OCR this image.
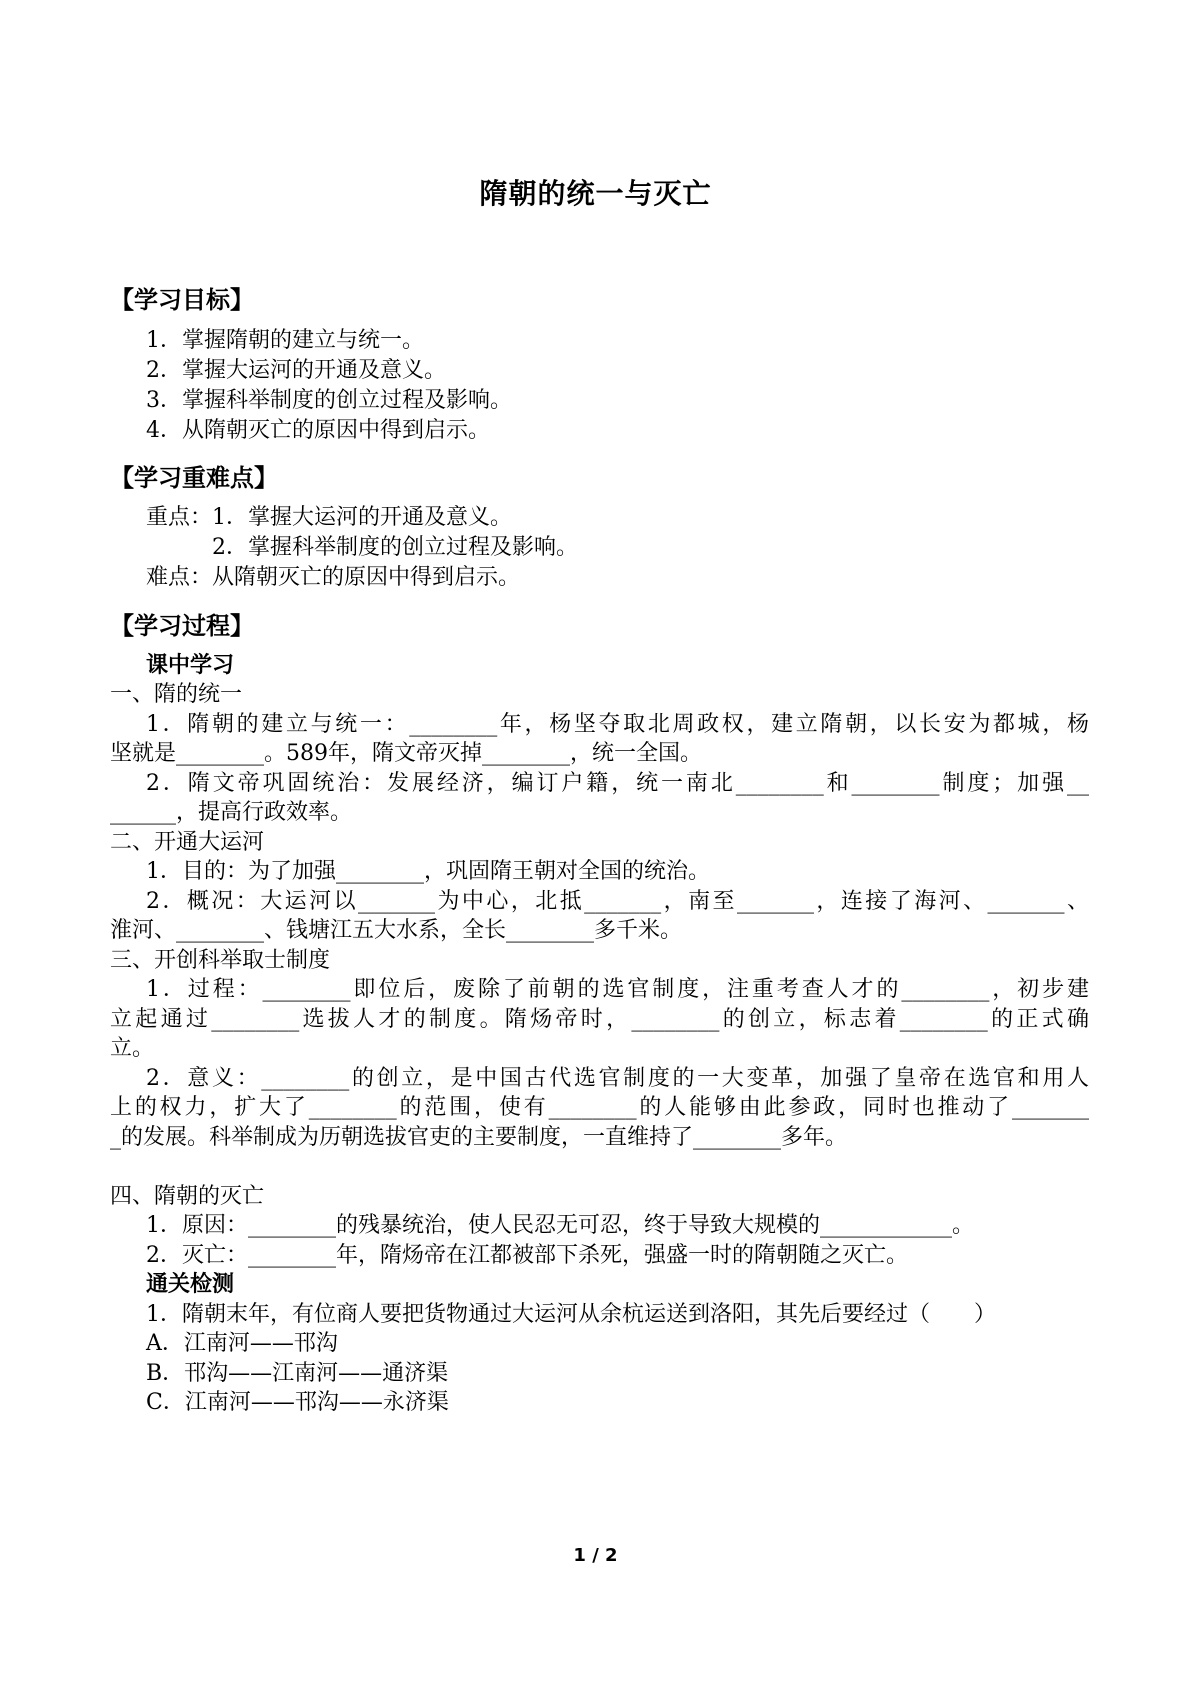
隋朝的统一与灭亡
【学习目标】
1．掌握隋朝的建立与统一。
2．掌握大运河的开通及意义。
3．掌握科举制度的创立过程及影响。
4．从隋朝灭亡的原因中得到启示。
【学习重难点】
重点：1．掌握大运河的开通及意义。
2．掌握科举制度的创立过程及影响。
难点：从隋朝灭亡的原因中得到启示。
【学习过程】
课中学习
一、隋的统一
1．隋朝的建立与统一：________年，杨坚夺取北周政权，建立隋朝，以长安为都城，杨
坚就是________。589年，隋文帝灭掉________，统一全国。
2．隋文帝巩固统治：发展经济，编订户籍，统一南北________和________制度；加强__
______，提高行政效率。
二、开通大运河
1．目的：为了加强________，巩固隋王朝对全国的统治。
2．概况：大运河以_______为中心，北抵_______，南至_______，连接了海河、_______、
淮河、________、钱塘江五大水系，全长________多千米。
三、开创科举取士制度
1．过程：________即位后，废除了前朝的选官制度，注重考查人才的________，初步建
立起通过________选拔人才的制度。隋炀帝时，________的创立，标志着________的正式确
立。
2．意义：________的创立，是中国古代选官制度的一大变革，加强了皇帝在选官和用人
上的权力，扩大了________的范围，使有________的人能够由此参政，同时也推动了_______
_的发展。科举制成为历朝选拔官吏的主要制度，一直维持了________多年。
四、隋朝的灭亡
1．原因：________的残暴统治，使人民忍无可忍，终于导致大规模的____________。
2．灭亡：________年，隋炀帝在江都被部下杀死，强盛一时的隋朝随之灭亡。
通关检测
1．隋朝末年，有位商人要把货物通过大运河从余杭运送到洛阳，其先后要经过（　　）
A．江南河——邗沟
B．邗沟——江南河——通济渠
C．江南河——邗沟——永济渠
1 / 2
